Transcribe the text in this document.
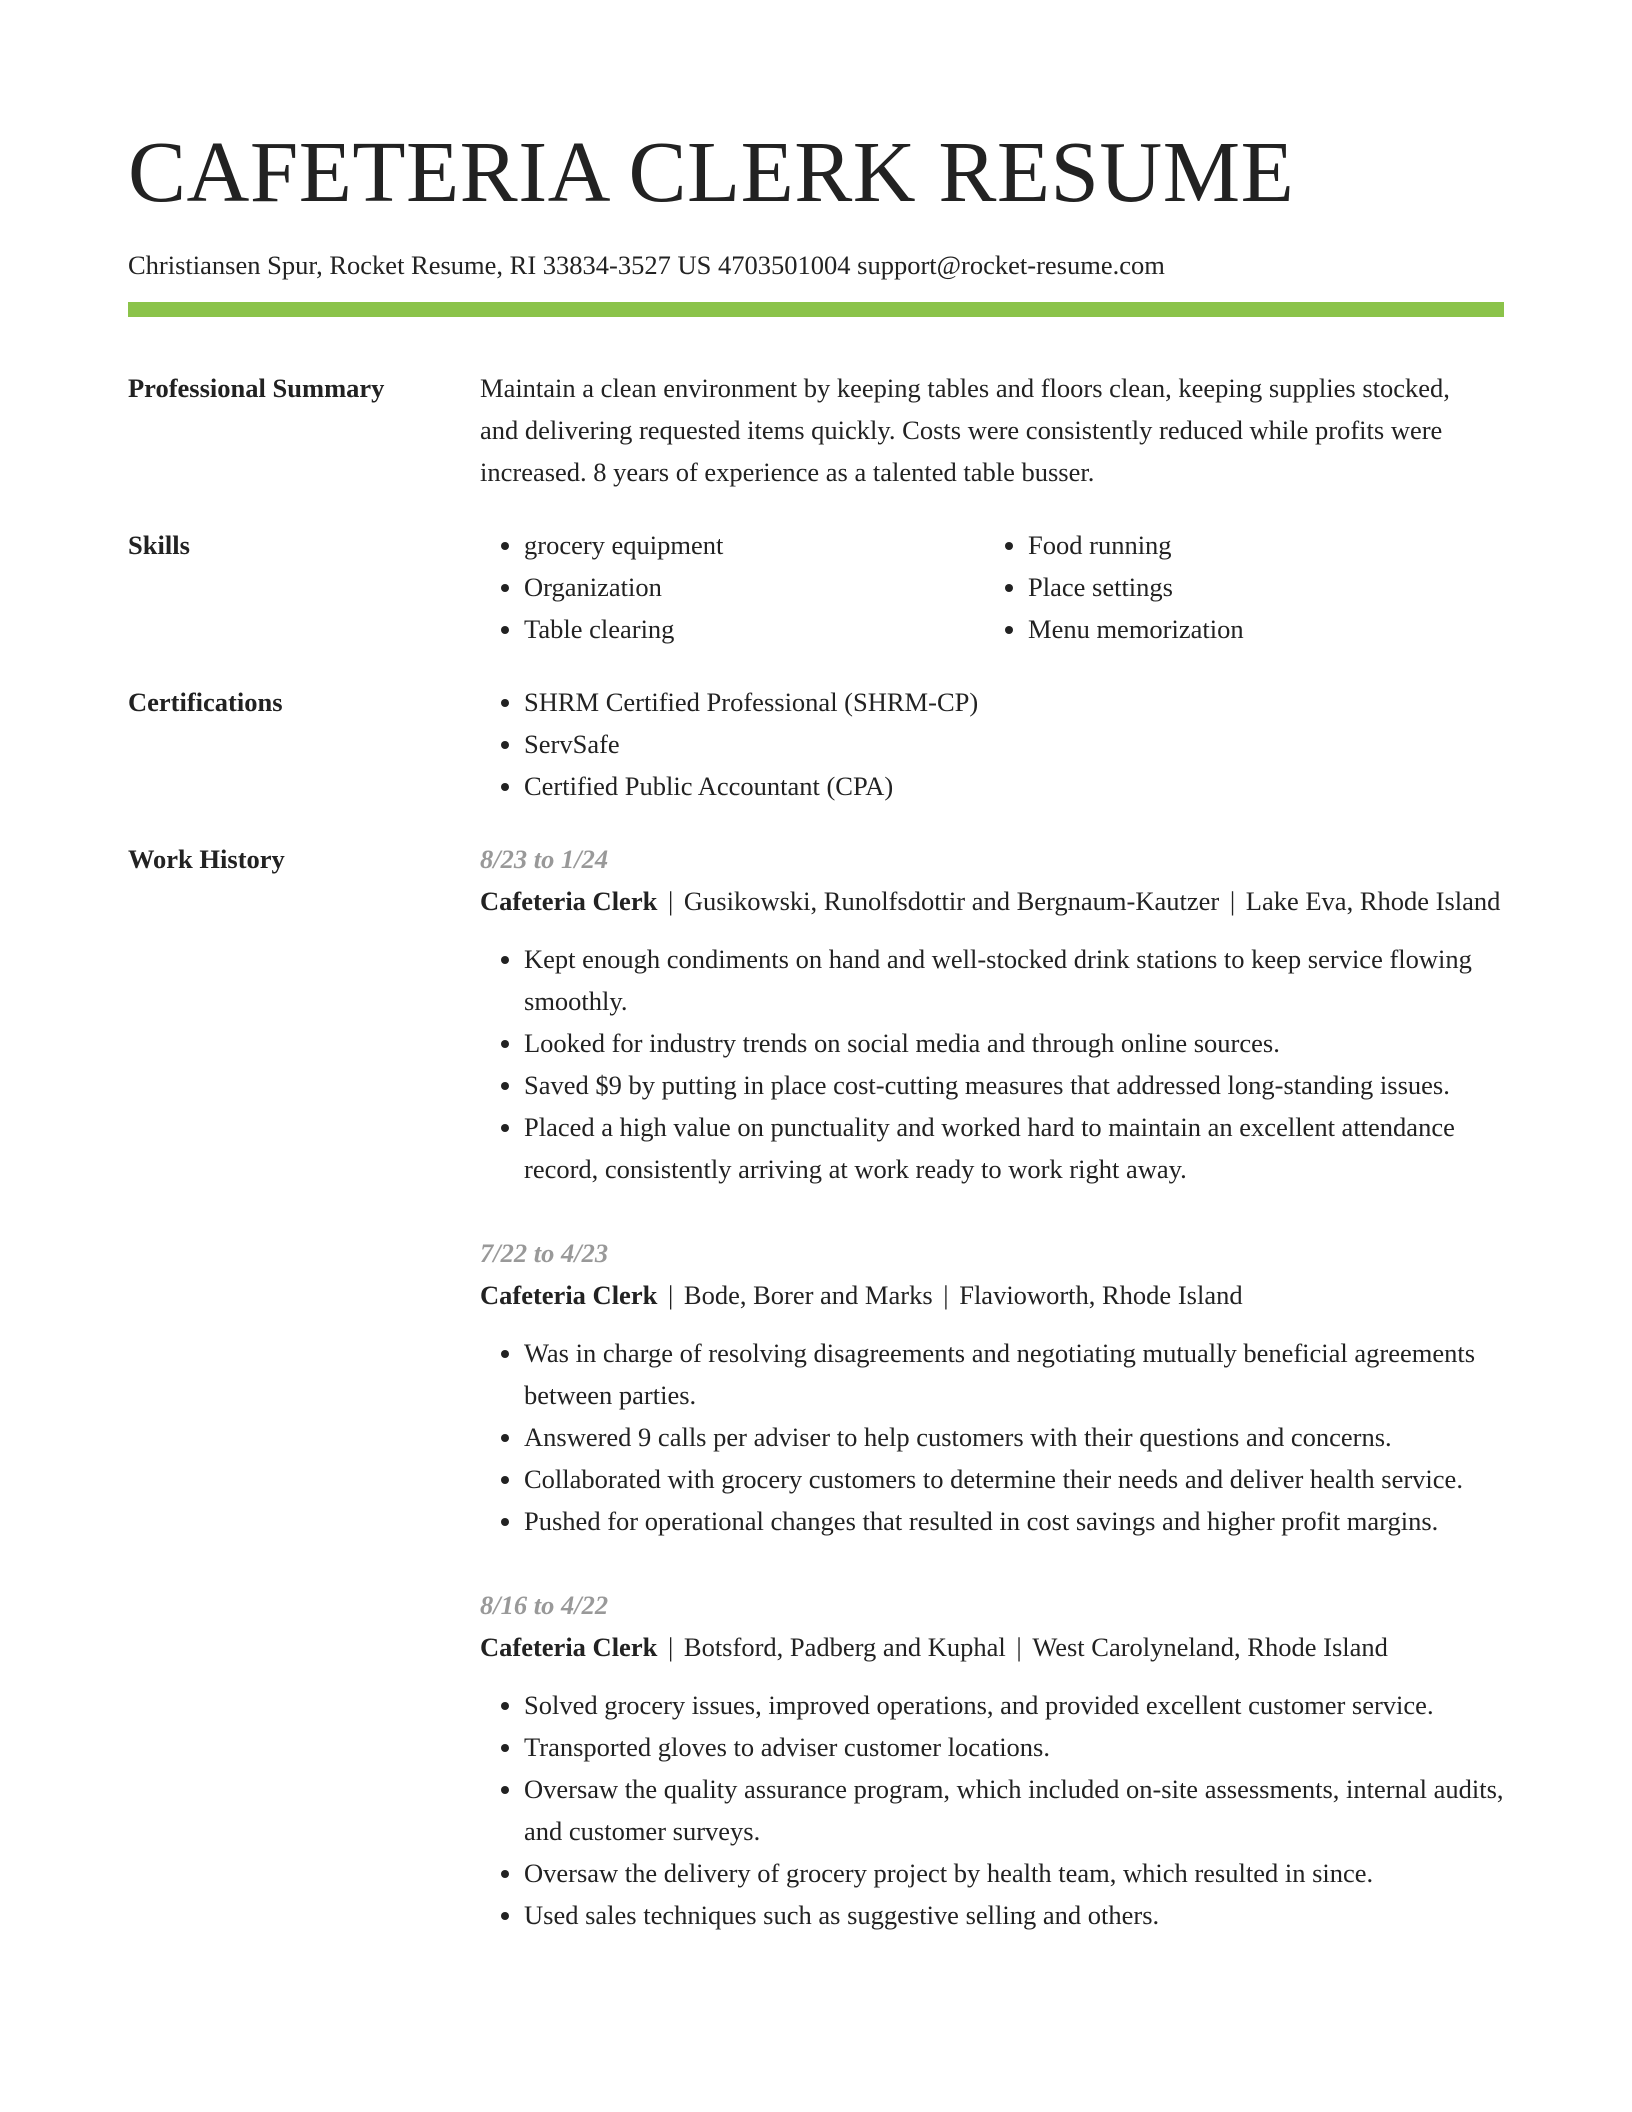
CAFETERIA CLERK RESUME
Christiansen Spur, Rocket Resume, RI 33834-3527 US 4703501004 support@rocket-resume.com
Professional Summary	Maintain a clean environment by keeping tables and floors clean, keeping supplies stocked, and delivering requested items quickly. Costs were consistently reduced while profits were increased. 8 years of experience as a talented table busser.

Skills	• grocery equipment
• Organization
• Table clearing
• Food running
• Place settings
• Menu memorization
Certifications	• SHRM Certified Professional (SHRM-CP)
• ServSafe
• Certified Public Accountant (CPA)
Work History	8/23 to 1/24
Cafeteria Clerk | Gusikowski, Runolfsdottir and Bergnaum-Kautzer | Lake Eva, Rhode Island
• Kept enough condiments on hand and well-stocked drink stations to keep service flowing smoothly.
• Looked for industry trends on social media and through online sources.
• Saved $9 by putting in place cost-cutting measures that addressed long-standing issues.
• Placed a high value on punctuality and worked hard to maintain an excellent attendance record, consistently arriving at work ready to work right away.
7/22 to 4/23
Cafeteria Clerk | Bode, Borer and Marks | Flavioworth, Rhode Island
• Was in charge of resolving disagreements and negotiating mutually beneficial agreements between parties.
• Answered 9 calls per adviser to help customers with their questions and concerns.
• Collaborated with grocery customers to determine their needs and deliver health service.
• Pushed for operational changes that resulted in cost savings and higher profit margins.
8/16 to 4/22
Cafeteria Clerk | Botsford, Padberg and Kuphal | West Carolyneland, Rhode Island
• Solved grocery issues, improved operations, and provided excellent customer service.
• Transported gloves to adviser customer locations.
• Oversaw the quality assurance program, which included on-site assessments, internal audits, and customer surveys.
• Oversaw the delivery of grocery project by health team, which resulted in since.
• Used sales techniques such as suggestive selling and others.
